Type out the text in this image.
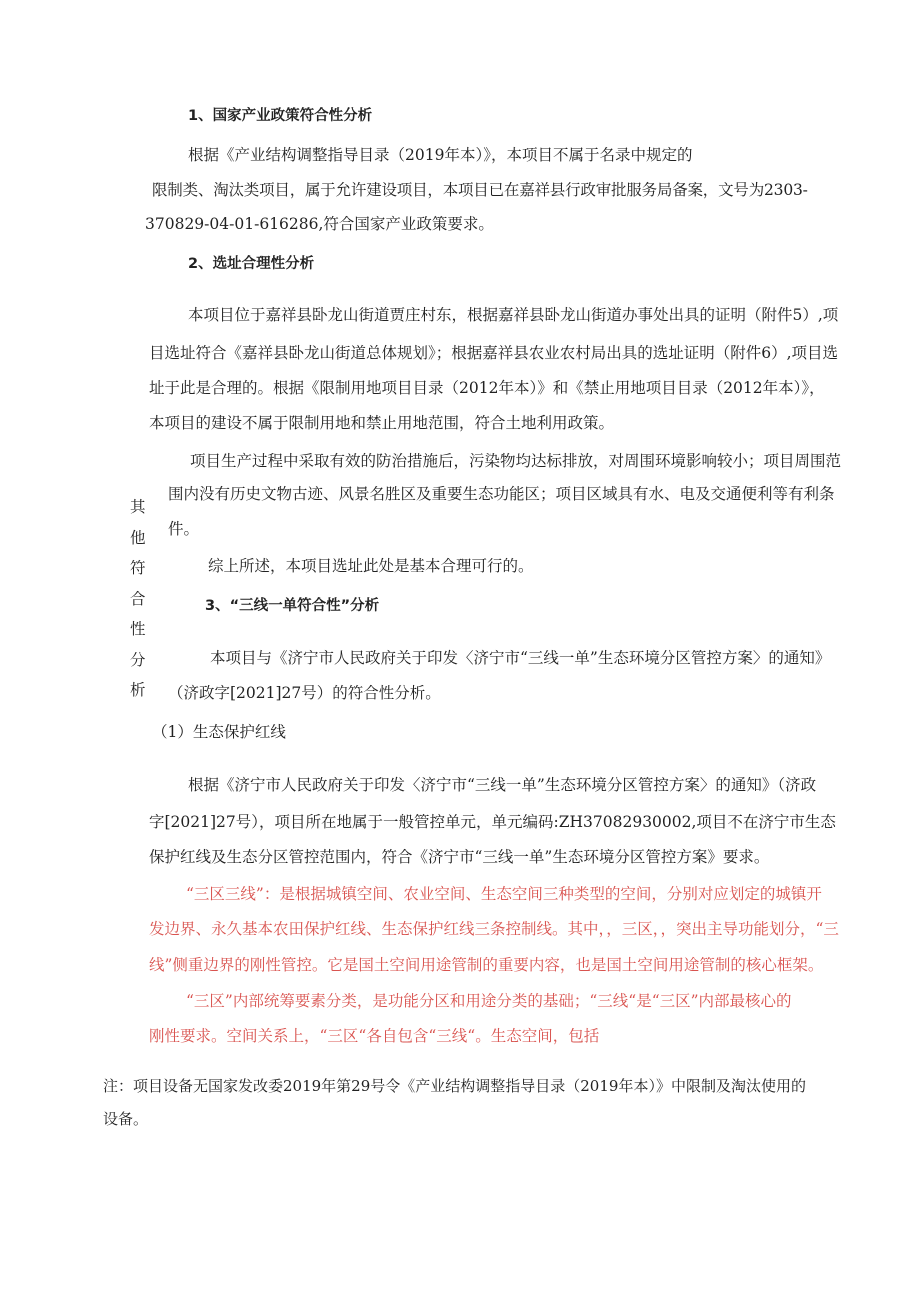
1、国家产业政策符合性分析
根据《产业结构调整指导目录（2019年本）》，本项目不属于名录中规定的
限制类、淘汰类项目，属于允许建设项目，本项目已在嘉祥县行政审批服务局备案，文号为2303-
370829-04-01-616286,符合国家产业政策要求。
2、选址合理性分析
本项目位于嘉祥县卧龙山街道贾庄村东，根据嘉祥县卧龙山街道办事处出具的证明（附件5）,项
目选址符合《嘉祥县卧龙山街道总体规划》；根据嘉祥县农业农村局出具的选址证明（附件6）,项目选
址于此是合理的。根据《限制用地项目目录（2012年本）》和《禁止用地项目目录（2012年本）》，
本项目的建设不属于限制用地和禁止用地范围，符合土地利用政策。
项目生产过程中采取有效的防治措施后，污染物均达标排放，对周围环境影响较小；项目周围范
围内没有历史文物古迹、风景名胜区及重要生态功能区；项目区域具有水、电及交通便利等有利条
件。
综上所述，本项目选址此处是基本合理可行的。
其
他
符
合
性
分
析
3、“三线一单符合性”分析
本项目与《济宁市人民政府关于印发〈济宁市“三线一单”生态环境分区管控方案〉的通知》
（济政字[2021]27号）的符合性分析。
（1）生态保护红线
根据《济宁市人民政府关于印发〈济宁市“三线一单”生态环境分区管控方案〉的通知》（济政
字[2021]27号），项目所在地属于一般管控单元，单元编码:ZH37082930002,项目不在济宁市生态
保护红线及生态分区管控范围内，符合《济宁市“三线一单”生态环境分区管控方案》要求。
“三区三线”：是根据城镇空间、农业空间、生态空间三种类型的空间，分别对应划定的城镇开
发边界、永久基本农田保护红线、生态保护红线三条控制线。其中，，三区，，突出主导功能划分，“三
线”侧重边界的刚性管控。它是国土空间用途管制的重要内容，也是国土空间用途管制的核心框架。
“三区”内部统筹要素分类，是功能分区和用途分类的基础；“三线“是“三区”内部最核心的
刚性要求。空间关系上，“三区“各自包含“三线“。生态空间，包括
注：项目设备无国家发改委2019年第29号令《产业结构调整指导目录（2019年本）》中限制及淘汰使用的
设备。
